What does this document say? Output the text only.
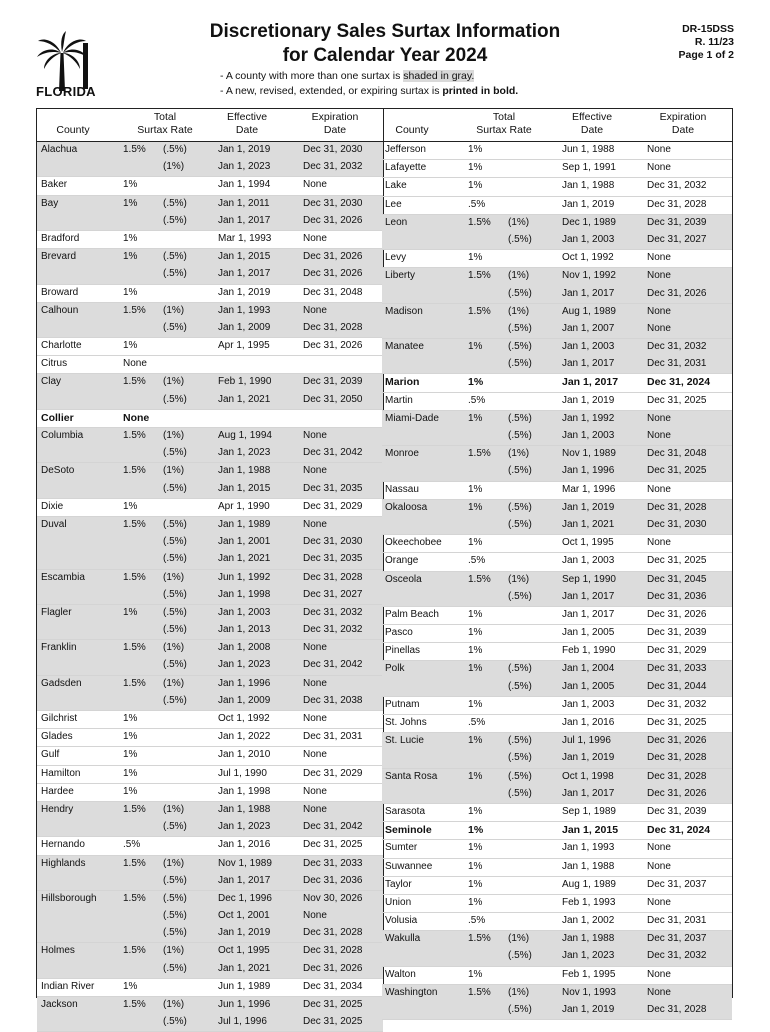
FLORIDA
Discretionary Sales Surtax Information
for Calendar Year 2024
- A county with more than one surtax is shaded in gray.
- A new, revised, extended, or expiring surtax is printed in bold.
DR-15DSS
R. 11/23
Page 1 of 2
County
Total
Surtax Rate
Effective
Date
Expiration
Date
Alachua	1.5% (.5%)	Jan 1, 2019	Dec 31, 2030
(1%)	Jan 1, 2023	Dec 31, 2032
Baker	1%	Jan 1, 1994	None
Bay	1%	(.5%)	Jan 1, 2011	Dec 31, 2030
(.5%)	Jan 1, 2017	Dec 31, 2026
Bradford	1%	Mar 1, 1993	None
Brevard	1%	(.5%)	Jan 1, 2015	Dec 31, 2026
(.5%)	Jan 1, 2017	Dec 31, 2026
Broward	1%	Jan 1, 2019	Dec 31, 2048
Calhoun	1.5% (1%)	Jan 1, 1993	None
(.5%)	Jan 1, 2009	Dec 31, 2028
Charlotte	1%	Apr 1, 1995	Dec 31, 2026
Citrus	None
Clay	1.5% (1%)	Feb 1, 1990	Dec 31, 2039
(.5%)	Jan 1, 2021	Dec 31, 2050
Collier	None
Columbia	1.5% (1%)	Aug 1, 1994	None
(.5%)	Jan 1, 2023	Dec 31, 2042
DeSoto	1.5% (1%)	Jan 1, 1988	None
(.5%)	Jan 1, 2015	Dec 31, 2035
Dixie	1%	Apr 1, 1990	Dec 31, 2029
Duval	1.5% (.5%)	Jan 1, 1989	None
(.5%)	Jan 1, 2001	Dec 31, 2030
(.5%)	Jan 1, 2021	Dec 31, 2035
Escambia	1.5% (1%)	Jun 1, 1992	Dec 31, 2028
(.5%)	Jan 1, 1998	Dec 31, 2027
Flagler	1%	(.5%)	Jan 1, 2003	Dec 31, 2032
(.5%)	Jan 1, 2013	Dec 31, 2032
Franklin	1.5% (1%)	Jan 1, 2008	None
(.5%)	Jan 1, 2023	Dec 31, 2042
Gadsden	1.5% (1%)	Jan 1, 1996	None
(.5%)	Jan 1, 2009	Dec 31, 2038
Gilchrist	1%	Oct 1, 1992	None
Glades	1%	Jan 1, 2022	Dec 31, 2031
Gulf	1%	Jan 1, 2010	None
Hamilton	1%	Jul 1, 1990	Dec 31, 2029
Hardee	1%	Jan 1, 1998	None
Hendry	1.5% (1%)	Jan 1, 1988	None
(.5%)	Jan 1, 2023	Dec 31, 2042
Hernando	.5%	Jan 1, 2016	Dec 31, 2025
Highlands	1.5% (1%)	Nov 1, 1989	Dec 31, 2033
(.5%)	Jan 1, 2017	Dec 31, 2036
Hillsborough	1.5% (.5%)	Dec 1, 1996	Nov 30, 2026
(.5%)	Oct 1, 2001	None
(.5%)	Jan 1, 2019	Dec 31, 2028
Holmes	1.5% (1%)	Oct 1, 1995	Dec 31, 2028
(.5%)	Jan 1, 2021	Dec 31, 2026
Indian River	1%	Jun 1, 1989	Dec 31, 2034
Jackson	1.5% (1%)	Jun 1, 1996	Dec 31, 2025
(.5%)	Jul 1, 1996	Dec 31, 2025
County
Total
Surtax Rate
Effective
Date
Expiration
Date
Jefferson	1%	Jun 1, 1988	None
Lafayette	1%	Sep 1, 1991	None
Lake	1%	Jan 1, 1988	Dec 31, 2032
Lee	.5%	Jan 1, 2019	Dec 31, 2028
Leon	1.5% (1%)	Dec 1, 1989	Dec 31, 2039
(.5%)	Jan 1, 2003	Dec 31, 2027
Levy	1%	Oct 1, 1992	None
Liberty	1.5% (1%)	Nov 1, 1992	None
(.5%)	Jan 1, 2017	Dec 31, 2026
Madison	1.5% (1%)	Aug 1, 1989	None
(.5%)	Jan 1, 2007	None
Manatee	1%	(.5%)	Jan 1, 2003	Dec 31, 2032
(.5%)	Jan 1, 2017	Dec 31, 2031
Marion	1%	Jan 1, 2017	Dec 31, 2024
Martin	.5%	Jan 1, 2019	Dec 31, 2025
Miami-Dade	1%	(.5%)	Jan 1, 1992	None
(.5%)	Jan 1, 2003	None
Monroe	1.5% (1%)	Nov 1, 1989	Dec 31, 2048
(.5%)	Jan 1, 1996	Dec 31, 2025
Nassau	1%	Mar 1, 1996	None
Okaloosa	1%	(.5%)	Jan 1, 2019	Dec 31, 2028
(.5%)	Jan 1, 2021	Dec 31, 2030
Okeechobee	1%	Oct 1, 1995	None
Orange	.5%	Jan 1, 2003	Dec 31, 2025
Osceola	1.5% (1%)	Sep 1, 1990	Dec 31, 2045
(.5%)	Jan 1, 2017	Dec 31, 2036
Palm Beach	1%	Jan 1, 2017	Dec 31, 2026
Pasco	1%	Jan 1, 2005	Dec 31, 2039
Pinellas	1%	Feb 1, 1990	Dec 31, 2029
Polk	1%	(.5%)	Jan 1, 2004	Dec 31, 2033
(.5%)	Jan 1, 2005	Dec 31, 2044
Putnam	1%	Jan 1, 2003	Dec 31, 2032
St. Johns	.5%	Jan 1, 2016	Dec 31, 2025
St. Lucie	1%	(.5%)	Jul 1, 1996	Dec 31, 2026
(.5%)	Jan 1, 2019	Dec 31, 2028
Santa Rosa	1%	(.5%)	Oct 1, 1998	Dec 31, 2028
(.5%)	Jan 1, 2017	Dec 31, 2026
Sarasota	1%	Sep 1, 1989	Dec 31, 2039
Seminole	1%	Jan 1, 2015	Dec 31, 2024
Sumter	1%	Jan 1, 1993	None
Suwannee	1%	Jan 1, 1988	None
Taylor	1%	Aug 1, 1989	Dec 31, 2037
Union	1%	Feb 1, 1993	None
Volusia	.5%	Jan 1, 2002	Dec 31, 2031
Wakulla	1.5% (1%)	Jan 1, 1988	Dec 31, 2037
(.5%)	Jan 1, 2023	Dec 31, 2032
Walton	1%	Feb 1, 1995	None
Washington	1.5% (1%)	Nov 1, 1993	None
(.5%)	Jan 1, 2019	Dec 31, 2028
